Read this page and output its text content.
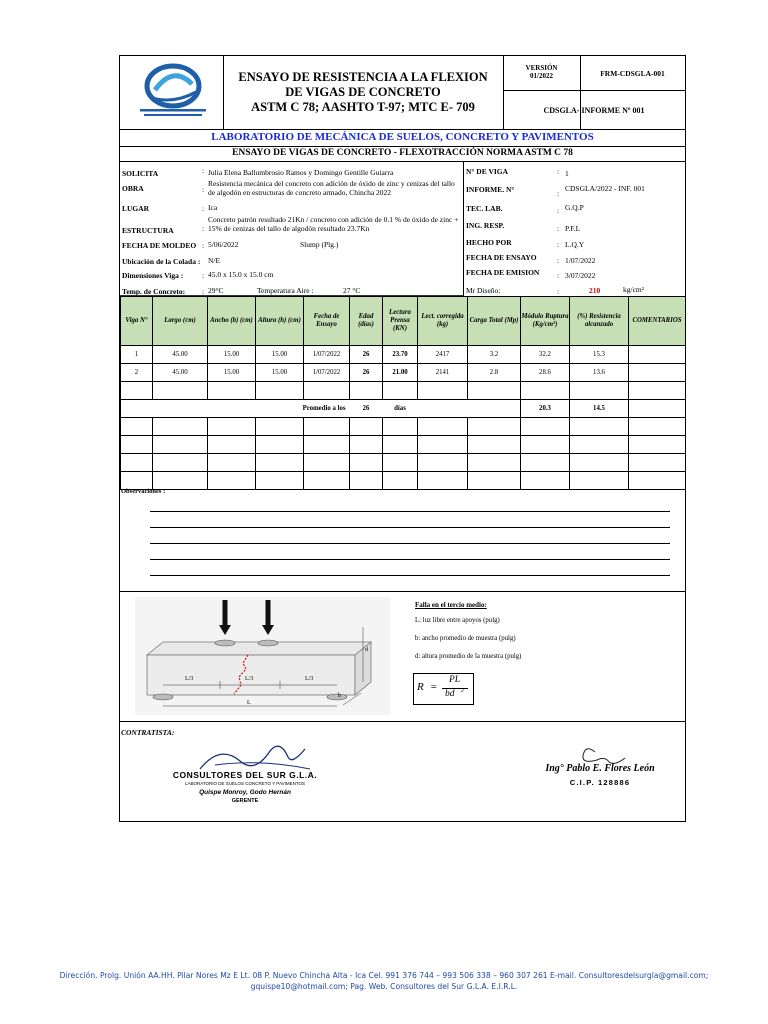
ENSAYO DE RESISTENCIA A LA FLEXION
DE VIGAS DE CONCRETO
ASTM C 78; AASHTO T-97; MTC E- 709
VERSIÓN
01/2022	FRM-CDSGLA-001
CDSGLA- INFORME Nº 001
LABORATORIO DE MECÁNICA DE SUELOS, CONCRETO Y PAVIMENTOS
ENSAYO DE VIGAS DE CONCRETO - FLEXOTRACCIÓN NORMA ASTM C 78
SOLICITA	: Julia Elena Ballumbrosio Ramos y Domingo Gentille Guiarra
OBRA	:
Resistencia mecánica del concreto con adición de óxido de zinc y cenizas del tallo de algodón en estructuras de concreto armado, Chincha 2022
LUGAR	: Ica
ESTRUCTURA	:
Concreto patrón resultado 21Kn / concreto con adición de 0.1 % de óxido de zinc + 15% de cenizas del tallo de algodón resultado 23.7Kn
FECHA DE MOLDEO : 5/06/2022	Slump (Plg.)
Ubicación de la Colada : N/E
Dimensiones Viga : : 45.0 x 15.0 x 15.0 cm
Temp. de Concreto: : 29°C	Temperatura Aire :	27 °C
N° DE VIGA	: 1
INFORME. N°	:
CDSGLA/2022 - INF. 001
TEC. LAB.	: G.Q.P
ING. RESP.	: P.F.L
HECHO POR	: L.Q.Y
FECHA DE ENSAYO	: 1/07/2022
FECHA DE EMISION : 3/07/2022
Mr Diseño:	:	210	kg/cm²
Viga N°	Largo (cm)	Ancho (b) (cm)	Altura (h) (cm)	Fecha de Ensayo	Edad (días)	Lectura Prensa (KN)	Lect. corregida (kg)	Carga Total (Mp)	Módulo Ruptura (Kg/cm²)	(%) Resistencia alcanzado	COMENTARIOS
1	45.00	15.00	15.00	1/07/2022	26	23.70	2417	3.2	32.2	15.3	
2	45.00	15.00	15.00	1/07/2022	26	21.00	2141	2.8	28.6	13.6	

Promedio a los					26	días			20.3	14.5	

Observaciones :
L/3	L/3	L/3
L
d
b
Falla en el tercio medio:
L: luz libre entre apoyos (pulg)
b: ancho promedio de muestra (pulg)
d: altura promedio de la muestra (pulg)
R =
PL
bd 2
CONTRATISTA:
CONSULTORES DEL SUR G.L.A.
LABORATORIO DE SUELOS CONCRETO Y PAVIMENTOS
Quispe Monroy, Godo Hernán
GERENTE
Ing° Pablo E. Flores León
C.I.P. 128886
Dirección. Prolg. Unión AA.HH. Pilar Nores Mz E Lt. 08 P. Nuevo Chincha Alta - Ica Cel. 991 376 744 – 993 506 338 – 960 307 261 E-mail. Consultoresdelsurgla@gmail.com;
gquispe10@hotmail.com; Pag. Web. Consultores del Sur G.L.A. E.I.R.L.
